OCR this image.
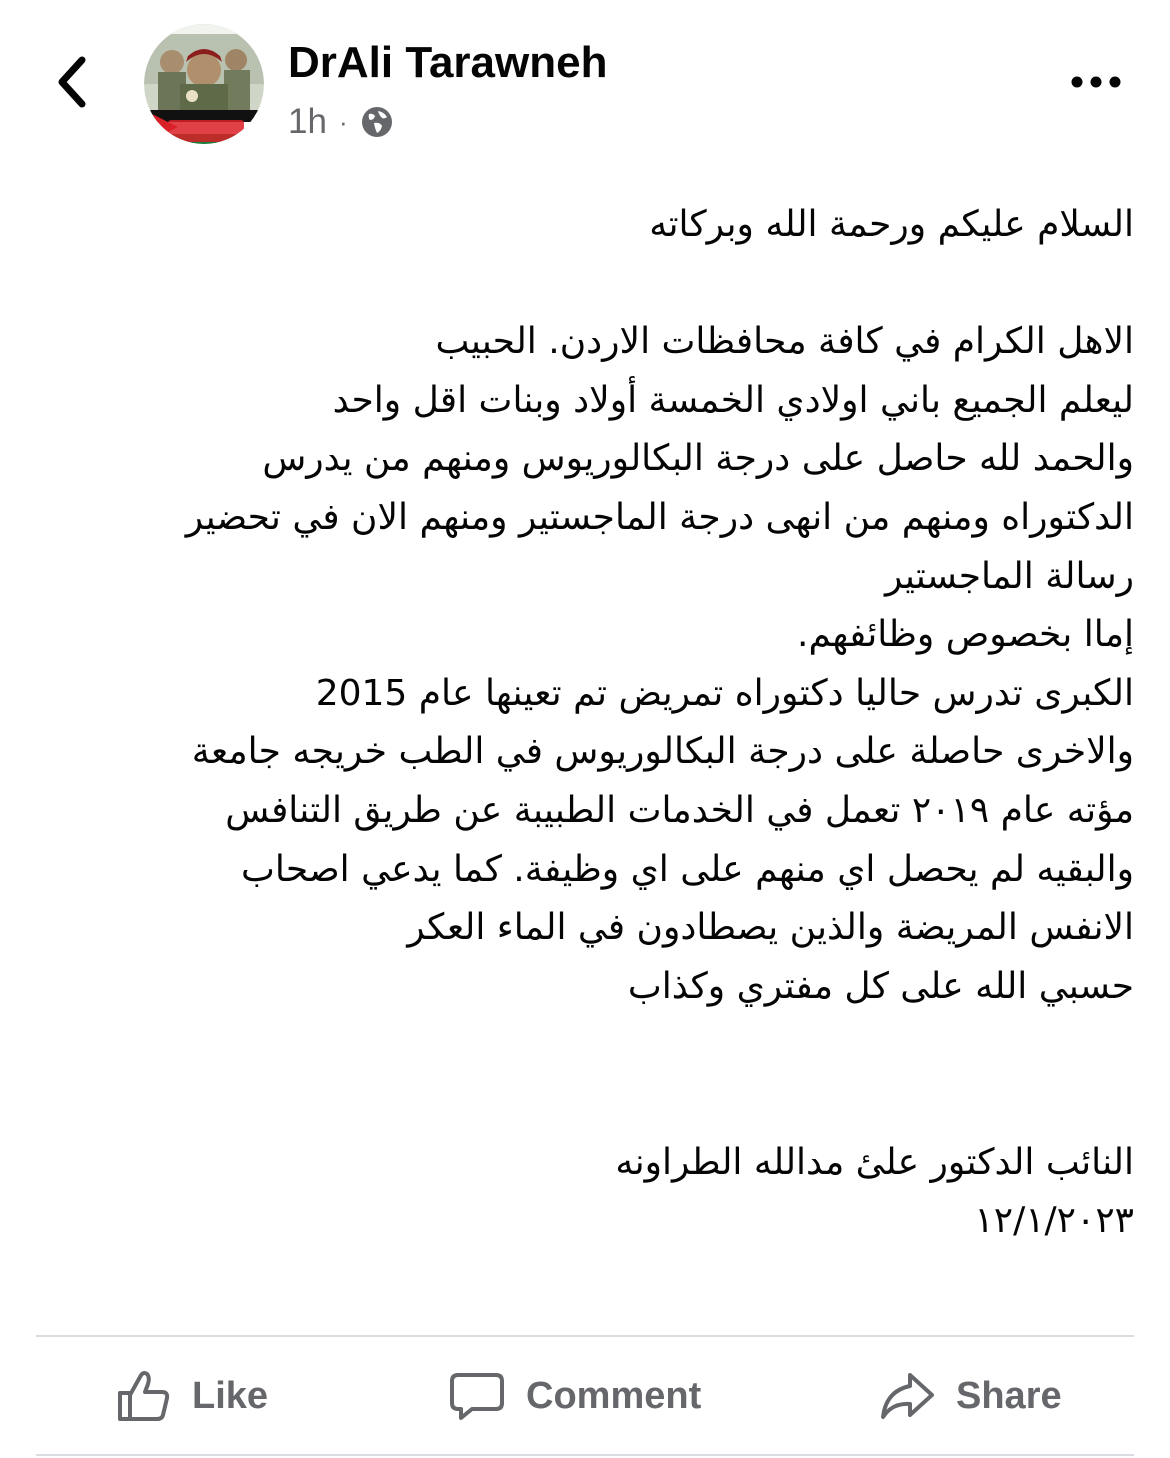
DrAli Tarawneh
1h ·
السلام عليكم ورحمة الله وبركاته
الاهل الكرام في كافة محافظات الاردن. الحبيب
ليعلم الجميع باني اولادي الخمسة أولاد وبنات اقل واحد
والحمد لله حاصل على درجة البكالوريوس ومنهم من يدرس
الدكتوراه ومنهم من انهى درجة الماجستير ومنهم الان في تحضير
رسالة الماجستير
إماا بخصوص وظائفهم.
الكبرى تدرس حاليا دكتوراه تمريض تم تعينها عام 2015
والاخرى حاصلة على درجة البكالوريوس في الطب خريجه جامعة
مؤته عام ٢٠١٩ تعمل في الخدمات الطبيبة عن طريق التنافس
والبقيه لم يحصل اي منهم على اي وظيفة. كما يدعي اصحاب
الانفس المريضة والذين يصطادون في الماء العكر
حسبي الله على كل مفتري وكذاب
النائب الدكتور علىٔ مدالله الطراونه
١٢/١/٢٠٢٣
Like	Comment	Share
